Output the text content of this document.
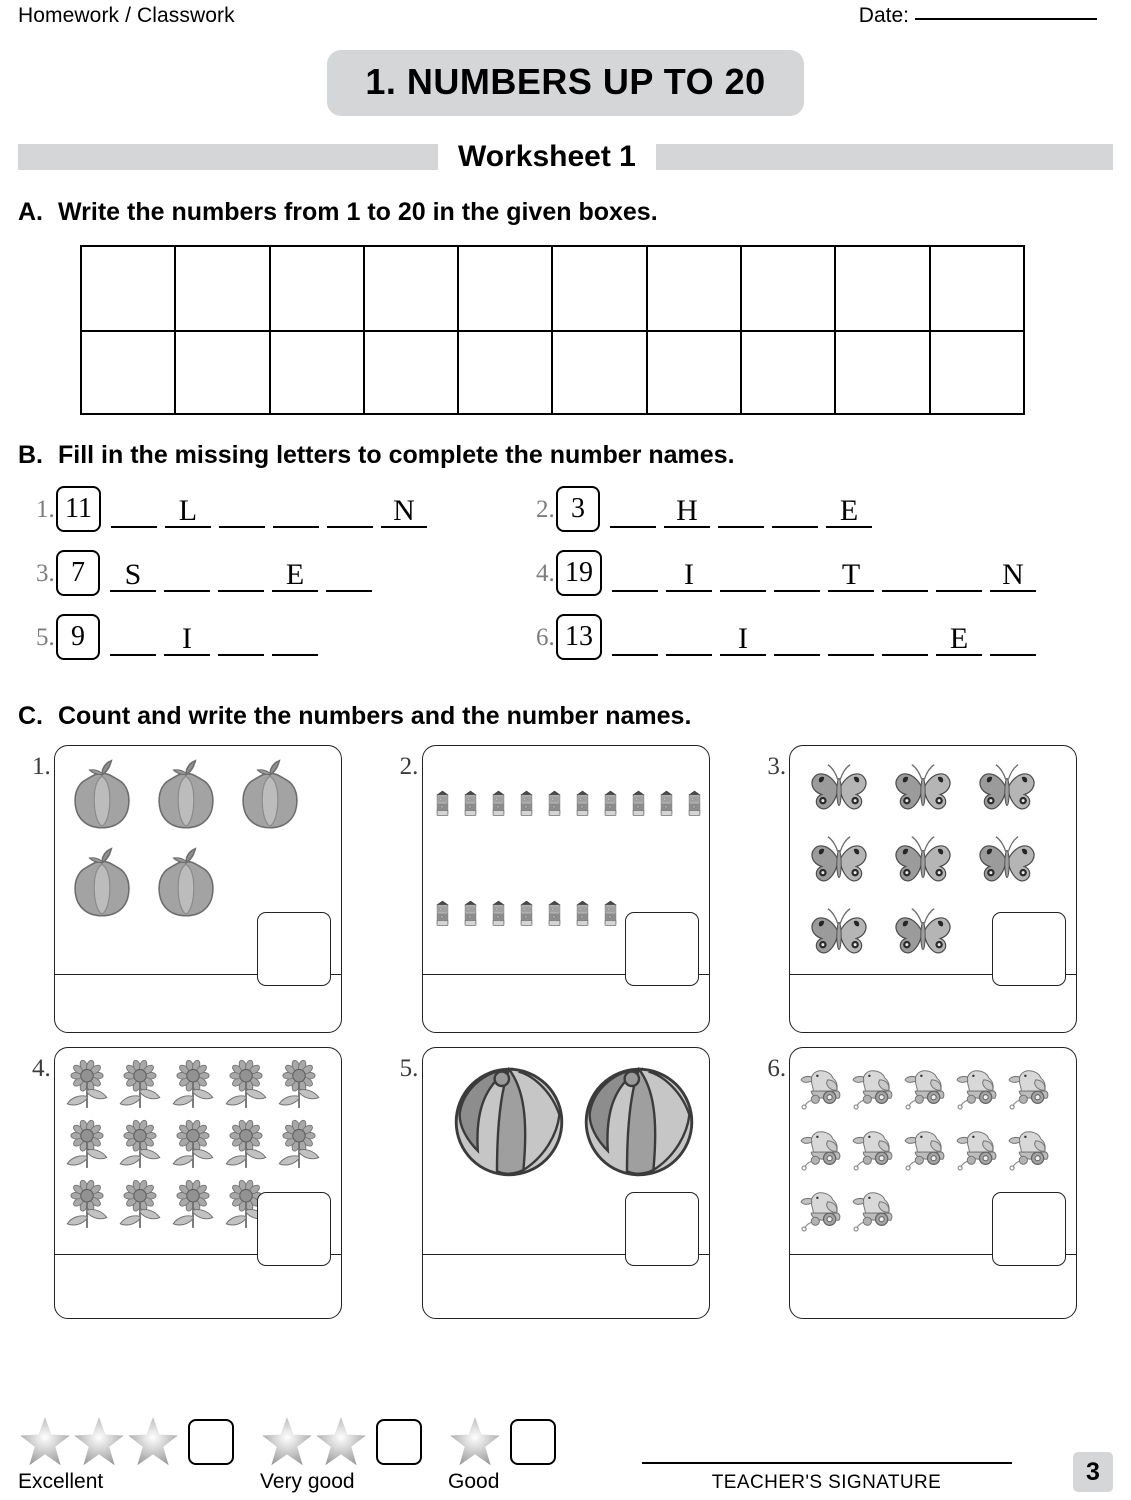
Homework / Classwork	Date:
1. NUMBERS UP TO 20
Worksheet 1
A. Write the numbers from 1 to 20 in the given boxes.
B. Fill in the missing letters to complete the number names.
1. 11	L	N	2. 3	H	E
3. 7	S	E	4. 19	I	T	N
5. 9	I	6. 13	I	E
C. Count and write the numbers and the number names.
1.	2.	3.
4.	5.	6.
Excellent	Very good	Good	TEACHER'S SIGNATURE	3
